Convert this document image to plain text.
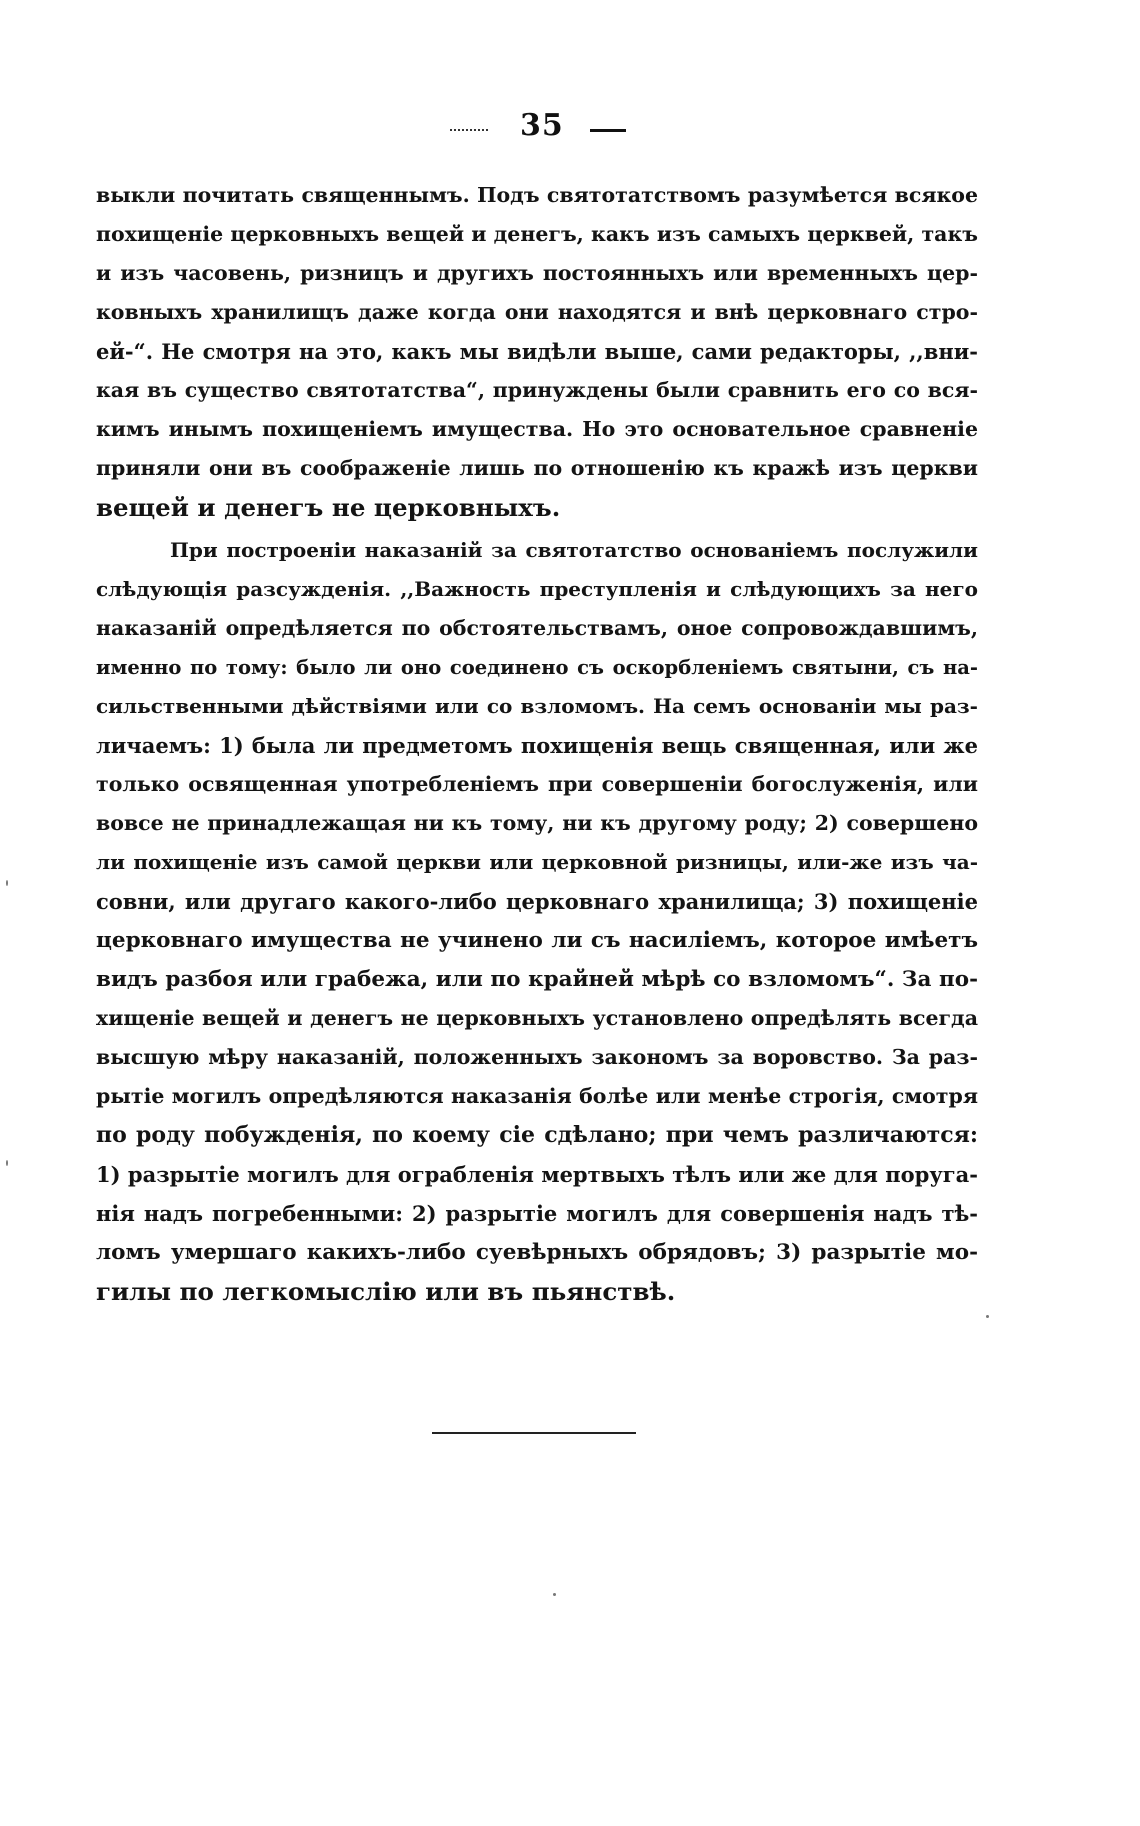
35
выкли почитать священнымъ. Подъ святотатствомъ разумѣется всякое
похищеніе церковныхъ вещей и денегъ, какъ изъ самыхъ церквей, такъ
и изъ часовень, ризницъ и другихъ постоянныхъ или временныхъ цер-
ковныхъ хранилищъ даже когда они находятся и внѣ церковнаго стро-
ей-“. Не смотря на это, какъ мы видѣли выше, сами редакторы, ,,вни-
кая въ существо святотатства“, принуждены были сравнить его со вся-
кимъ инымъ похищеніемъ имущества. Но это основательное сравненіе
приняли они въ соображеніе лишь по отношенію къ кражѣ изъ церкви
вещей и денегъ не церковныхъ.
При построеніи наказаній за святотатство основаніемъ послужили
слѣдующія разсужденія. ,,Важность преступленія и слѣдующихъ за него
наказаній опредѣляется по обстоятельствамъ, оное сопровождавшимъ,
именно по тому: было ли оно соединено съ оскорбленіемъ святыни, съ на-
сильственными дѣйствіями или со взломомъ. На семъ основаніи мы раз-
личаемъ: 1) была ли предметомъ похищенія вещь священная, или же
только освященная употребленіемъ при совершеніи богослуженія, или
вовсе не принадлежащая ни къ тому, ни къ другому роду; 2) совершено
ли похищеніе изъ самой церкви или церковной ризницы, или-же изъ ча-
совни, или другаго какого-либо церковнаго хранилища; 3) похищеніе
церковнаго имущества не учинено ли съ насиліемъ, которое имѣетъ
видъ разбоя или грабежа, или по крайней мѣрѣ со взломомъ“. За по-
хищеніе вещей и денегъ не церковныхъ установлено опредѣлять всегда
высшую мѣру наказаній, положенныхъ закономъ за воровство. За раз-
рытіе могилъ опредѣляются наказанія болѣе или менѣе строгія, смотря
по роду побужденія, по коему сіе сдѣлано; при чемъ различаются:
1) разрытіе могилъ для ограбленія мертвыхъ тѣлъ или же для поруга-
нія надъ погребенными: 2) разрытіе могилъ для совершенія надъ тѣ-
ломъ умершаго какихъ-либо суевѣрныхъ обрядовъ; 3) разрытіе мо-
гилы по легкомыслію или въ пьянствѣ.
